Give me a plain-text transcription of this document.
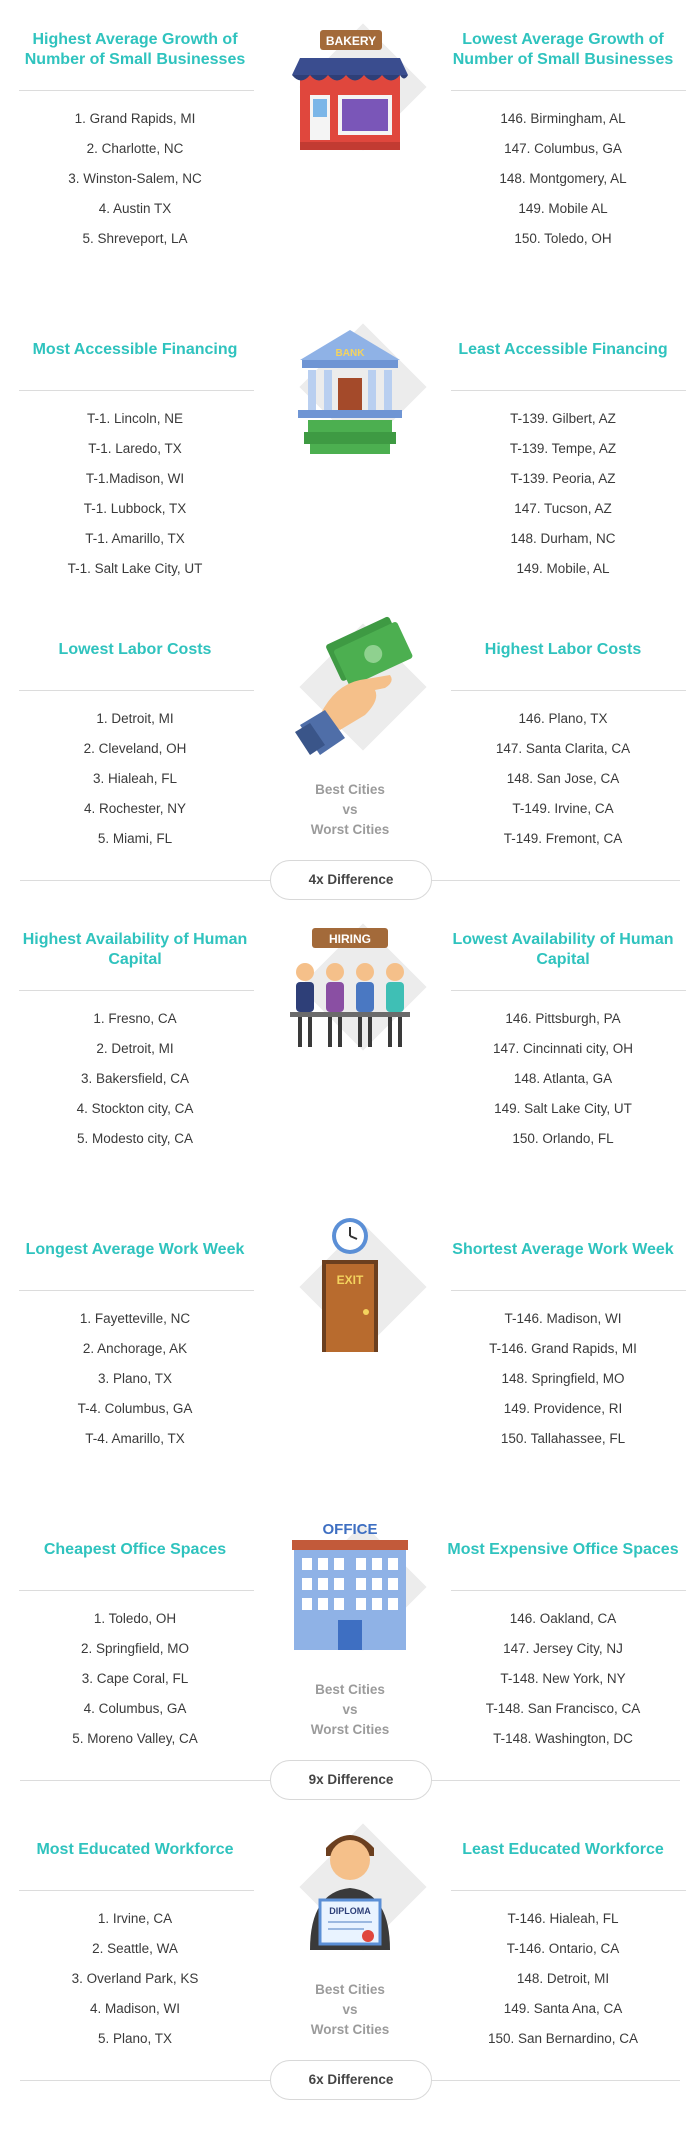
Highest Average Growth of Number of Small Businesses
1. Grand Rapids, MI
2. Charlotte, NC
3. Winston-Salem, NC
4. Austin TX
5. Shreveport, LA
BAKERY	Lowest Average Growth of Number of Small Businesses
146. Birmingham, AL
147. Columbus, GA
148. Montgomery, AL
149. Mobile AL
150. Toledo, OH
Most Accessible Financing
T-1. Lincoln, NE
T-1. Laredo, TX
T-1.Madison, WI
T-1. Lubbock, TX
T-1. Amarillo, TX
T-1. Salt Lake City, UT
BANK	Least Accessible Financing
T-139. Gilbert, AZ
T-139. Tempe, AZ
T-139. Peoria, AZ
147. Tucson, AZ
148. Durham, NC
149. Mobile, AL
Lowest Labor Costs
1. Detroit, MI
2. Cleveland, OH
3. Hialeah, FL
4. Rochester, NY
5. Miami, FL
Best Cities
vs
Worst Cities
Highest Labor Costs
146. Plano, TX
147. Santa Clarita, CA
148. San Jose, CA
T-149. Irvine, CA
T-149. Fremont, CA
4x Difference
Highest Availability of Human Capital
1. Fresno, CA
2. Detroit, MI
3. Bakersfield, CA
4. Stockton city, CA
5. Modesto city, CA
HIRING	Lowest Availability of Human Capital
146. Pittsburgh, PA
147. Cincinnati city, OH
148. Atlanta, GA
149. Salt Lake City, UT
150. Orlando, FL
Longest Average Work Week
1. Fayetteville, NC
2. Anchorage, AK
3. Plano, TX
T-4. Columbus, GA
T-4. Amarillo, TX
EXIT
Shortest Average Work Week
T-146. Madison, WI
T-146. Grand Rapids, MI
148. Springfield, MO
149. Providence, RI
150. Tallahassee, FL
Cheapest Office Spaces
1. Toledo, OH
2. Springfield, MO
3. Cape Coral, FL
4. Columbus, GA
5. Moreno Valley, CA
OFFICE
Best Cities
vs
Worst Cities
Most Expensive Office Spaces
146. Oakland, CA
147. Jersey City, NJ
T-148. New York, NY
T-148. San Francisco, CA
T-148. Washington, DC
9x Difference
Most Educated Workforce
1. Irvine, CA
2. Seattle, WA
3. Overland Park, KS
4. Madison, WI
5. Plano, TX
DIPLOMA
Best Cities
vs
Worst Cities
Least Educated Workforce
T-146. Hialeah, FL
T-146. Ontario, CA
148. Detroit, MI
149. Santa Ana, CA
150. San Bernardino, CA
6x Difference
